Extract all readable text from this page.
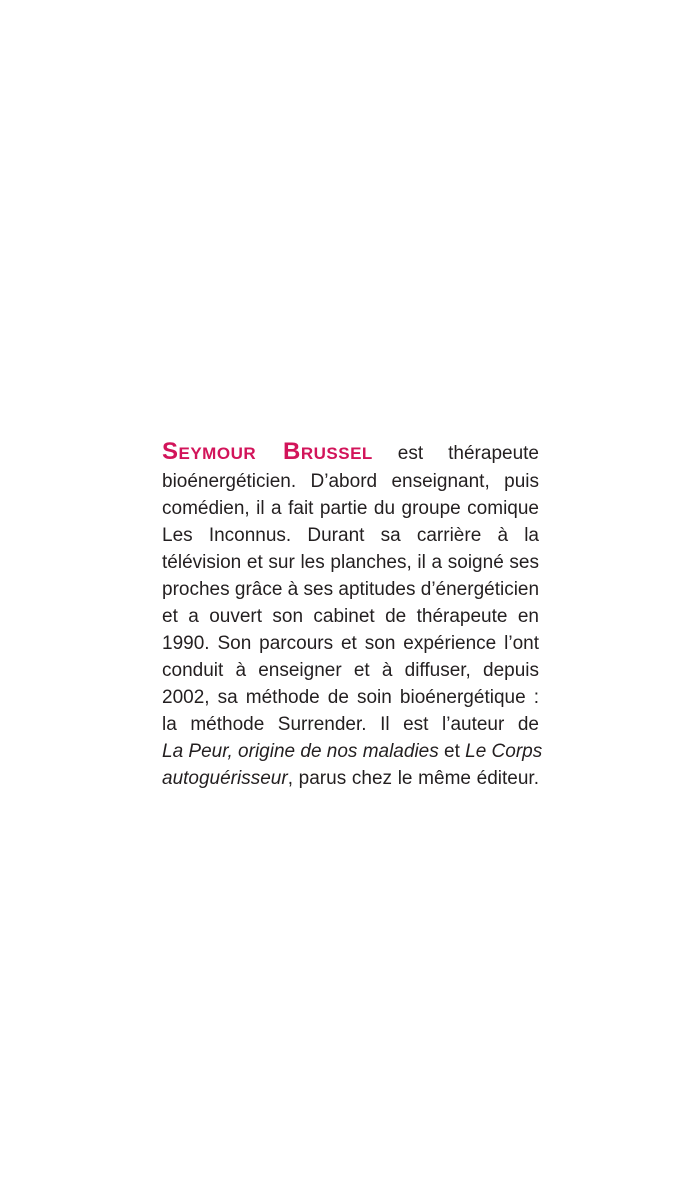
Seymour Brussel est thérapeute
bioénergéticien. D’abord enseignant, puis
comédien, il a fait partie du groupe comique
Les Inconnus. Durant sa carrière à la
télévision et sur les planches, il a soigné ses
proches grâce à ses aptitudes d’énergéticien
et a ouvert son cabinet de thérapeute en
1990. Son parcours et son expérience l’ont
conduit à enseigner et à diffuser, depuis
2002, sa méthode de soin bioénergétique :
la méthode Surrender. Il est l’auteur de
La Peur, origine de nos maladies et Le Corps
autoguérisseur, parus chez le même éditeur.
